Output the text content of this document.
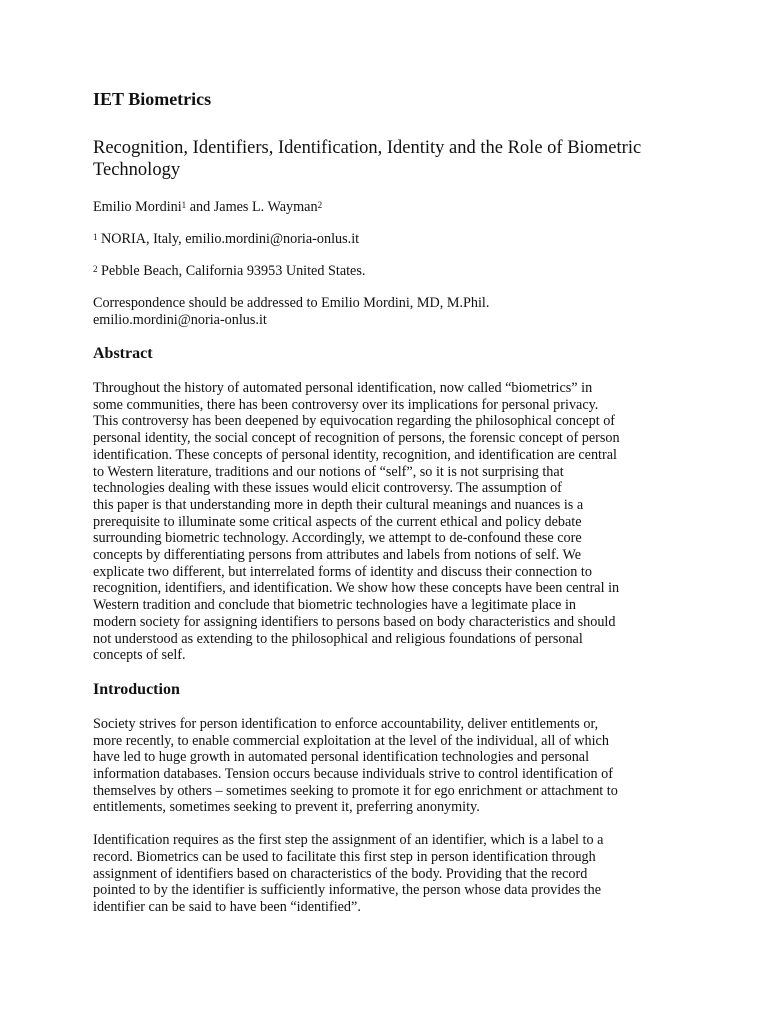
IET Biometrics
Recognition, Identifiers, Identification, Identity and the Role of Biometric
Technology
Emilio Mordini$^1$ and James L. Wayman$^2$
$^1$ NORIA, Italy, emilio.mordini@noria-onlus.it
$^2$ Pebble Beach, California 93953 United States.
Correspondence should be addressed to Emilio Mordini, MD, M.Phil.
emilio.mordini@noria-onlus.it
Abstract

Throughout the history of automated personal identification, now called “biometrics” in
some communities, there has been controversy over its implications for personal privacy.
This controversy has been deepened by equivocation regarding the philosophical concept of
personal identity, the social concept of recognition of persons, the forensic concept of person
identification. These concepts of personal identity, recognition, and identification are central
to Western literature, traditions and our notions of “self”, so it is not surprising that
technologies dealing with these issues would elicit controversy. The assumption of
this paper is that understanding more in depth their cultural meanings and nuances is a
prerequisite to illuminate some critical aspects of the current ethical and policy debate
surrounding biometric technology. Accordingly, we attempt to de-confound these core
concepts by differentiating persons from attributes and labels from notions of self. We
explicate two different, but interrelated forms of identity and discuss their connection to
recognition, identifiers, and identification. We show how these concepts have been central in
Western tradition and conclude that biometric technologies have a legitimate place in
modern society for assigning identifiers to persons based on body characteristics and should
not understood as extending to the philosophical and religious foundations of personal
concepts of self.

Introduction

Society strives for person identification to enforce accountability, deliver entitlements or,
more recently, to enable commercial exploitation at the level of the individual, all of which
have led to huge growth in automated personal identification technologies and personal
information databases. Tension occurs because individuals strive to control identification of
themselves by others – sometimes seeking to promote it for ego enrichment or attachment to
entitlements, sometimes seeking to prevent it, preferring anonymity.

Identification requires as the first step the assignment of an identifier, which is a label to a
record. Biometrics can be used to facilitate this first step in person identification through
assignment of identifiers based on characteristics of the body. Providing that the record
pointed to by the identifier is sufficiently informative, the person whose data provides the
identifier can be said to have been “identified”.
